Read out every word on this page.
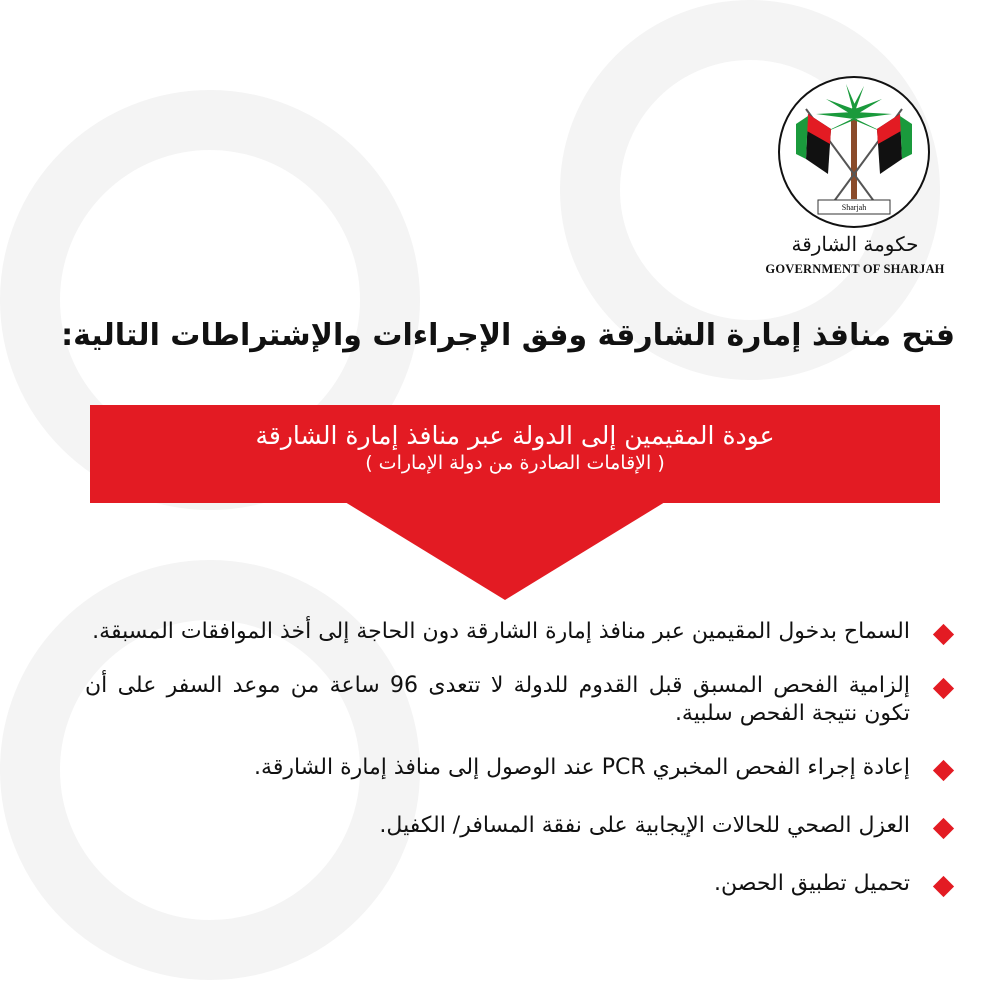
Sharjah
حكومة الشارقة
GOVERNMENT OF SHARJAH
فتح منافذ إمارة الشارقة وفق الإجراءات والإشتراطات التالية:
عودة المقيمين إلى الدولة عبر منافذ إمارة الشارقة
( الإقامات الصادرة من دولة الإمارات )
السماح بدخول المقيمين عبر منافذ إمارة الشارقة دون الحاجة إلى أخذ الموافقات المسبقة.
إلزامية الفحص المسبق قبل القدوم للدولة لا تتعدى 96 ساعة من موعد السفر على أن تكون نتيجة الفحص سلبية.
إعادة إجراء الفحص المخبري PCR عند الوصول إلى منافذ إمارة الشارقة.
العزل الصحي للحالات الإيجابية على نفقة المسافر/ الكفيل.
تحميل تطبيق الحصن.
